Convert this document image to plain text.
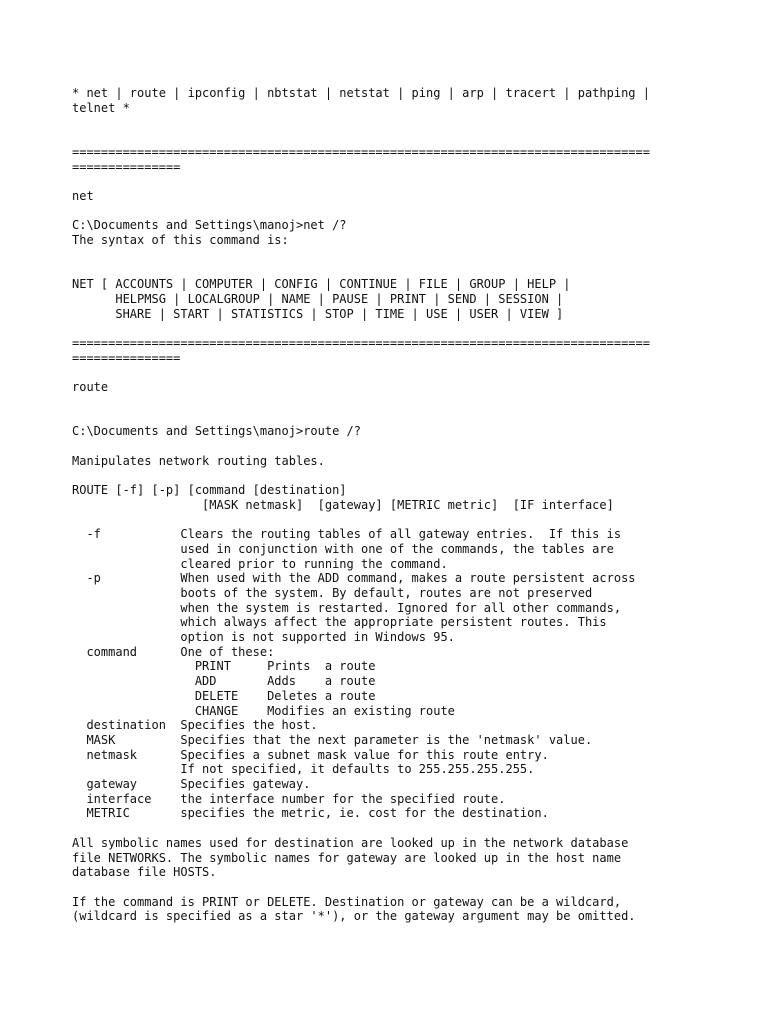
* net | route | ipconfig | nbtstat | netstat | ping | arp | tracert | pathping |
telnet *

================================================================================
===============

net

C:\Documents and Settings\manoj>net /?
The syntax of this command is:

NET [ ACCOUNTS | COMPUTER | CONFIG | CONTINUE | FILE | GROUP | HELP |
HELPMSG | LOCALGROUP | NAME | PAUSE | PRINT | SEND | SESSION |
SHARE | START | STATISTICS | STOP | TIME | USE | USER | VIEW ]

================================================================================
===============

route

C:\Documents and Settings\manoj>route /?

Manipulates network routing tables.

ROUTE [-f] [-p] [command [destination]
[MASK netmask]  [gateway] [METRIC metric]  [IF interface]

-f           Clears the routing tables of all gateway entries.  If this is
used in conjunction with one of the commands, the tables are
cleared prior to running the command.
-p           When used with the ADD command, makes a route persistent across
boots of the system. By default, routes are not preserved
when the system is restarted. Ignored for all other commands,
which always affect the appropriate persistent routes. This
option is not supported in Windows 95.
command      One of these:
PRINT     Prints  a route
ADD       Adds    a route
DELETE    Deletes a route
CHANGE    Modifies an existing route
destination  Specifies the host.
MASK         Specifies that the next parameter is the 'netmask' value.
netmask      Specifies a subnet mask value for this route entry.
If not specified, it defaults to 255.255.255.255.
gateway      Specifies gateway.
interface    the interface number for the specified route.
METRIC       specifies the metric, ie. cost for the destination.

All symbolic names used for destination are looked up in the network database
file NETWORKS. The symbolic names for gateway are looked up in the host name
database file HOSTS.

If the command is PRINT or DELETE. Destination or gateway can be a wildcard,
(wildcard is specified as a star '*'), or the gateway argument may be omitted.
